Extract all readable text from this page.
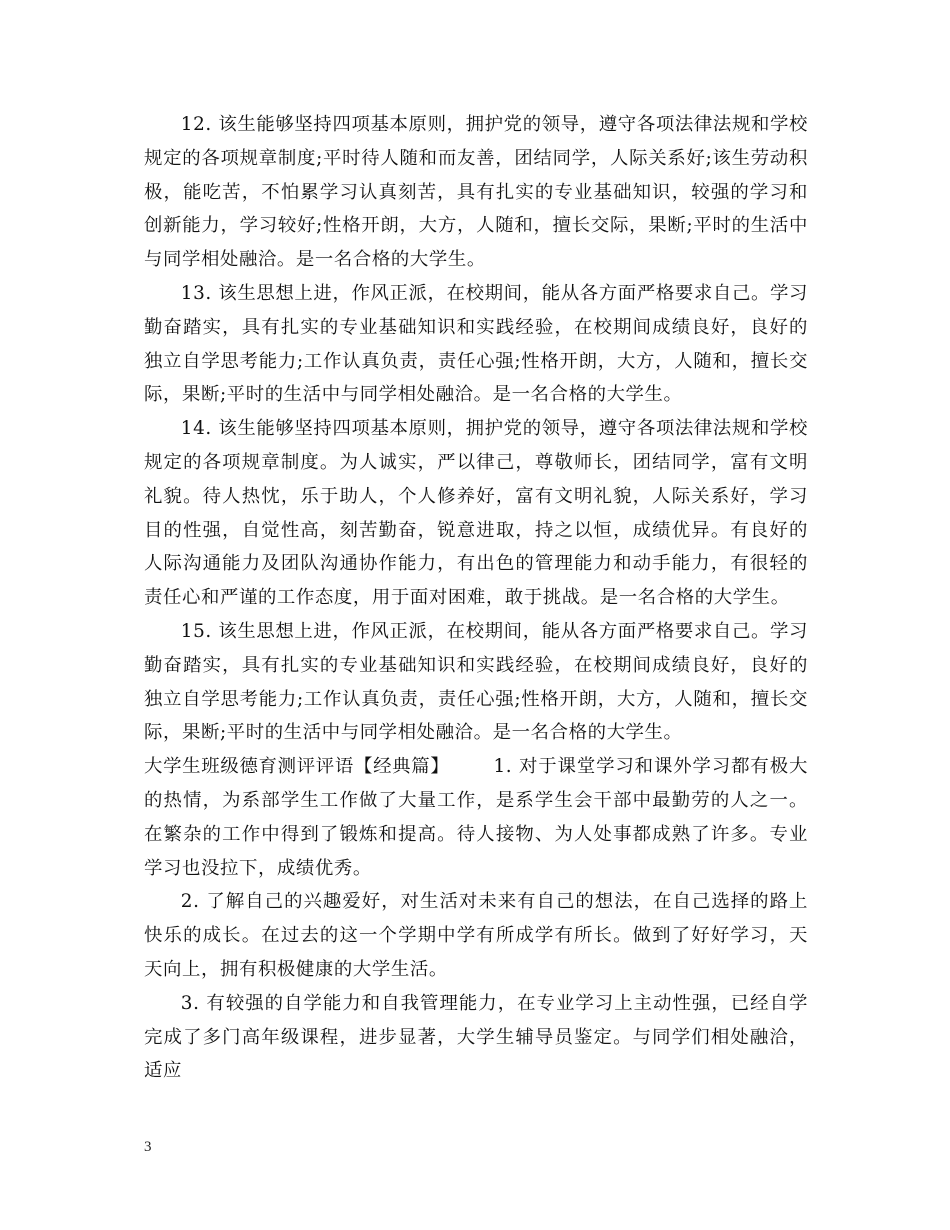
12. 该生能够坚持四项基本原则，拥护党的领导，遵守各项法律法规和学校规定的各项规章制度;平时待人随和而友善，团结同学，人际关系好;该生劳动积极，能吃苦，不怕累学习认真刻苦，具有扎实的专业基础知识，较强的学习和创新能力，学习较好;性格开朗，大方，人随和，擅长交际，果断;平时的生活中与同学相处融洽。是一名合格的大学生。

13. 该生思想上进，作风正派，在校期间，能从各方面严格要求自己。学习勤奋踏实，具有扎实的专业基础知识和实践经验，在校期间成绩良好，良好的独立自学思考能力;工作认真负责，责任心强;性格开朗，大方，人随和，擅长交际，果断;平时的生活中与同学相处融洽。是一名合格的大学生。

14. 该生能够坚持四项基本原则，拥护党的领导，遵守各项法律法规和学校规定的各项规章制度。为人诚实，严以律己，尊敬师长，团结同学，富有文明礼貌。待人热忱，乐于助人，个人修养好，富有文明礼貌，人际关系好，学习目的性强，自觉性高，刻苦勤奋，锐意进取，持之以恒，成绩优异。有良好的人际沟通能力及团队沟通协作能力，有出色的管理能力和动手能力，有很轻的责任心和严谨的工作态度，用于面对困难，敢于挑战。是一名合格的大学生。

15. 该生思想上进，作风正派，在校期间，能从各方面严格要求自己。学习勤奋踏实，具有扎实的专业基础知识和实践经验，在校期间成绩良好，良好的独立自学思考能力;工作认真负责，责任心强;性格开朗，大方，人随和，擅长交际，果断;平时的生活中与同学相处融洽。是一名合格的大学生。

大学生班级德育测评评语【经典篇】 1. 对于课堂学习和课外学习都有极大的热情，为系部学生工作做了大量工作，是系学生会干部中最勤劳的人之一。在繁杂的工作中得到了锻炼和提高。待人接物、为人处事都成熟了许多。专业学习也没拉下，成绩优秀。

2. 了解自己的兴趣爱好，对生活对未来有自己的想法，在自己选择的路上快乐的成长。在过去的这一个学期中学有所成学有所长。做到了好好学习，天天向上，拥有积极健康的大学生活。

3. 有较强的自学能力和自我管理能力，在专业学习上主动性强，已经自学完成了多门高年级课程，进步显著，大学生辅导员鉴定。与同学们相处融洽，适应

3
